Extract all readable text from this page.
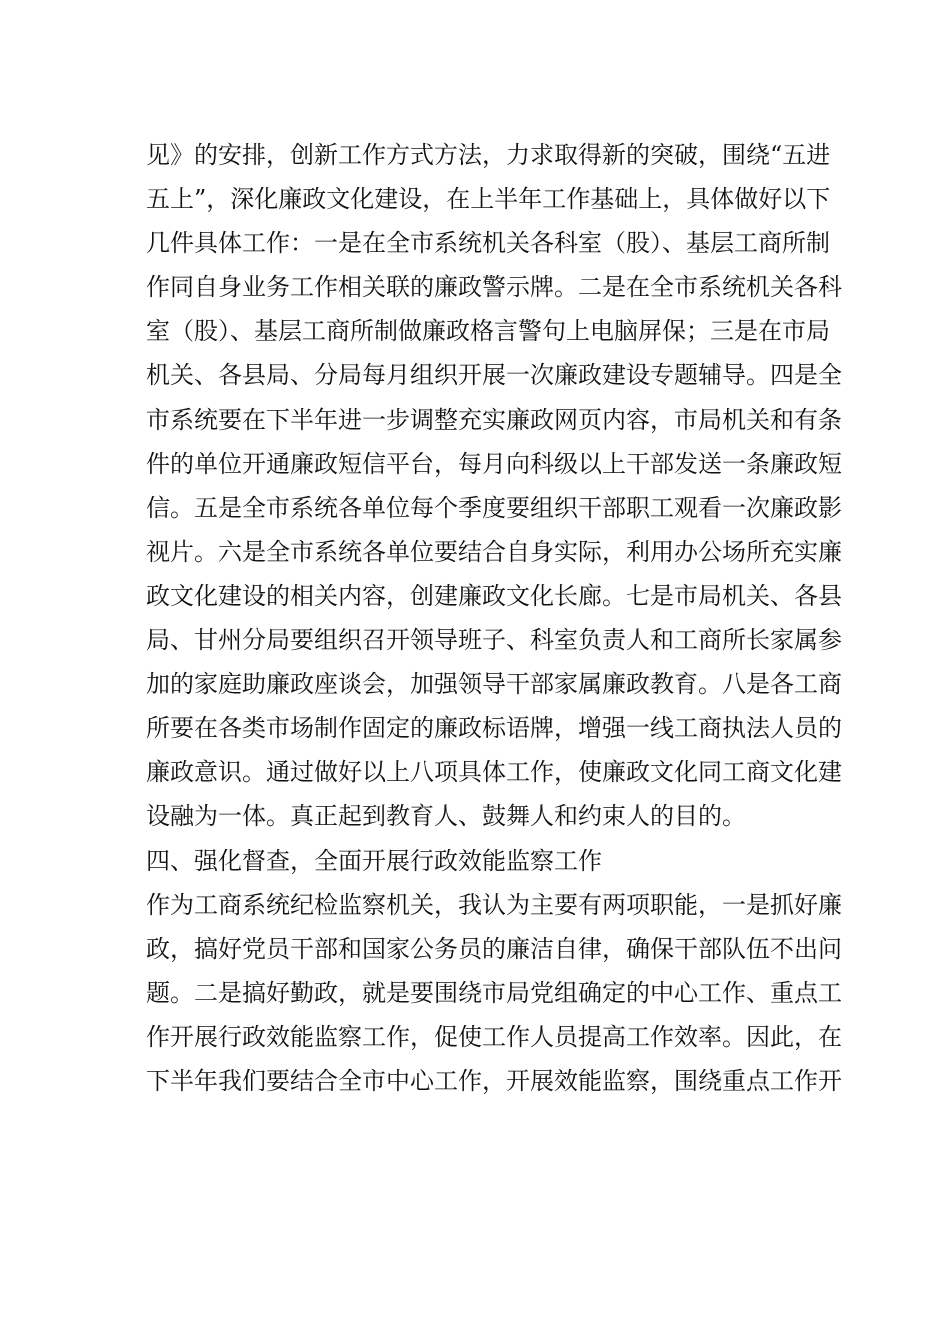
见》的安排，创新工作方式方法，力求取得新的突破，围绕“五进
五上”，深化廉政文化建设，在上半年工作基础上，具体做好以下
几件具体工作：一是在全市系统机关各科室（股）、基层工商所制
作同自身业务工作相关联的廉政警示牌。二是在全市系统机关各科
室（股）、基层工商所制做廉政格言警句上电脑屏保；三是在市局
机关、各县局、分局每月组织开展一次廉政建设专题辅导。四是全
市系统要在下半年进一步调整充实廉政网页内容，市局机关和有条
件的单位开通廉政短信平台，每月向科级以上干部发送一条廉政短
信。五是全市系统各单位每个季度要组织干部职工观看一次廉政影
视片。六是全市系统各单位要结合自身实际，利用办公场所充实廉
政文化建设的相关内容，创建廉政文化长廊。七是市局机关、各县
局、甘州分局要组织召开领导班子、科室负责人和工商所长家属参
加的家庭助廉政座谈会，加强领导干部家属廉政教育。八是各工商
所要在各类市场制作固定的廉政标语牌，增强一线工商执法人员的
廉政意识。通过做好以上八项具体工作，使廉政文化同工商文化建
设融为一体。真正起到教育人、鼓舞人和约束人的目的。
四、强化督查，全面开展行政效能监察工作
作为工商系统纪检监察机关，我认为主要有两项职能，一是抓好廉
政，搞好党员干部和国家公务员的廉洁自律，确保干部队伍不出问
题。二是搞好勤政，就是要围绕市局党组确定的中心工作、重点工
作开展行政效能监察工作，促使工作人员提高工作效率。因此，在
下半年我们要结合全市中心工作，开展效能监察，围绕重点工作开
